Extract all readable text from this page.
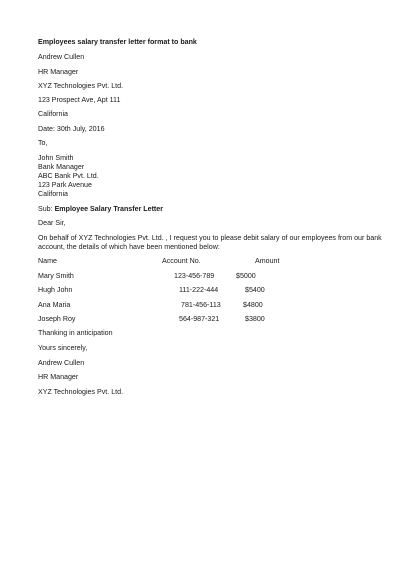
Employees salary transfer letter format to bank
Andrew Cullen
HR Manager
XYZ Technologies Pvt. Ltd.
123 Prospect Ave, Apt 111
California
Date: 30th July, 2016
To,
John Smith
Bank Manager
ABC Bank Pvt. Ltd.
123 Park Avenue
California
Sub: Employee Salary Transfer Letter
Dear Sir,
On behalf of XYZ Technologies Pvt. Ltd. , I request you to please debit salary of our employees from our bank
account, the details of which have been mentioned below:
Name	Account No.	Amount
Mary Smith	123-456-789	$5000
Hugh John	111-222-444	$5400
Ana Maria	781-456-113	$4800
Joseph Roy	564-987-321	$3800
Thanking in anticipation
Yours sincerely,
Andrew Cullen
HR Manager
XYZ Technologies Pvt. Ltd.
